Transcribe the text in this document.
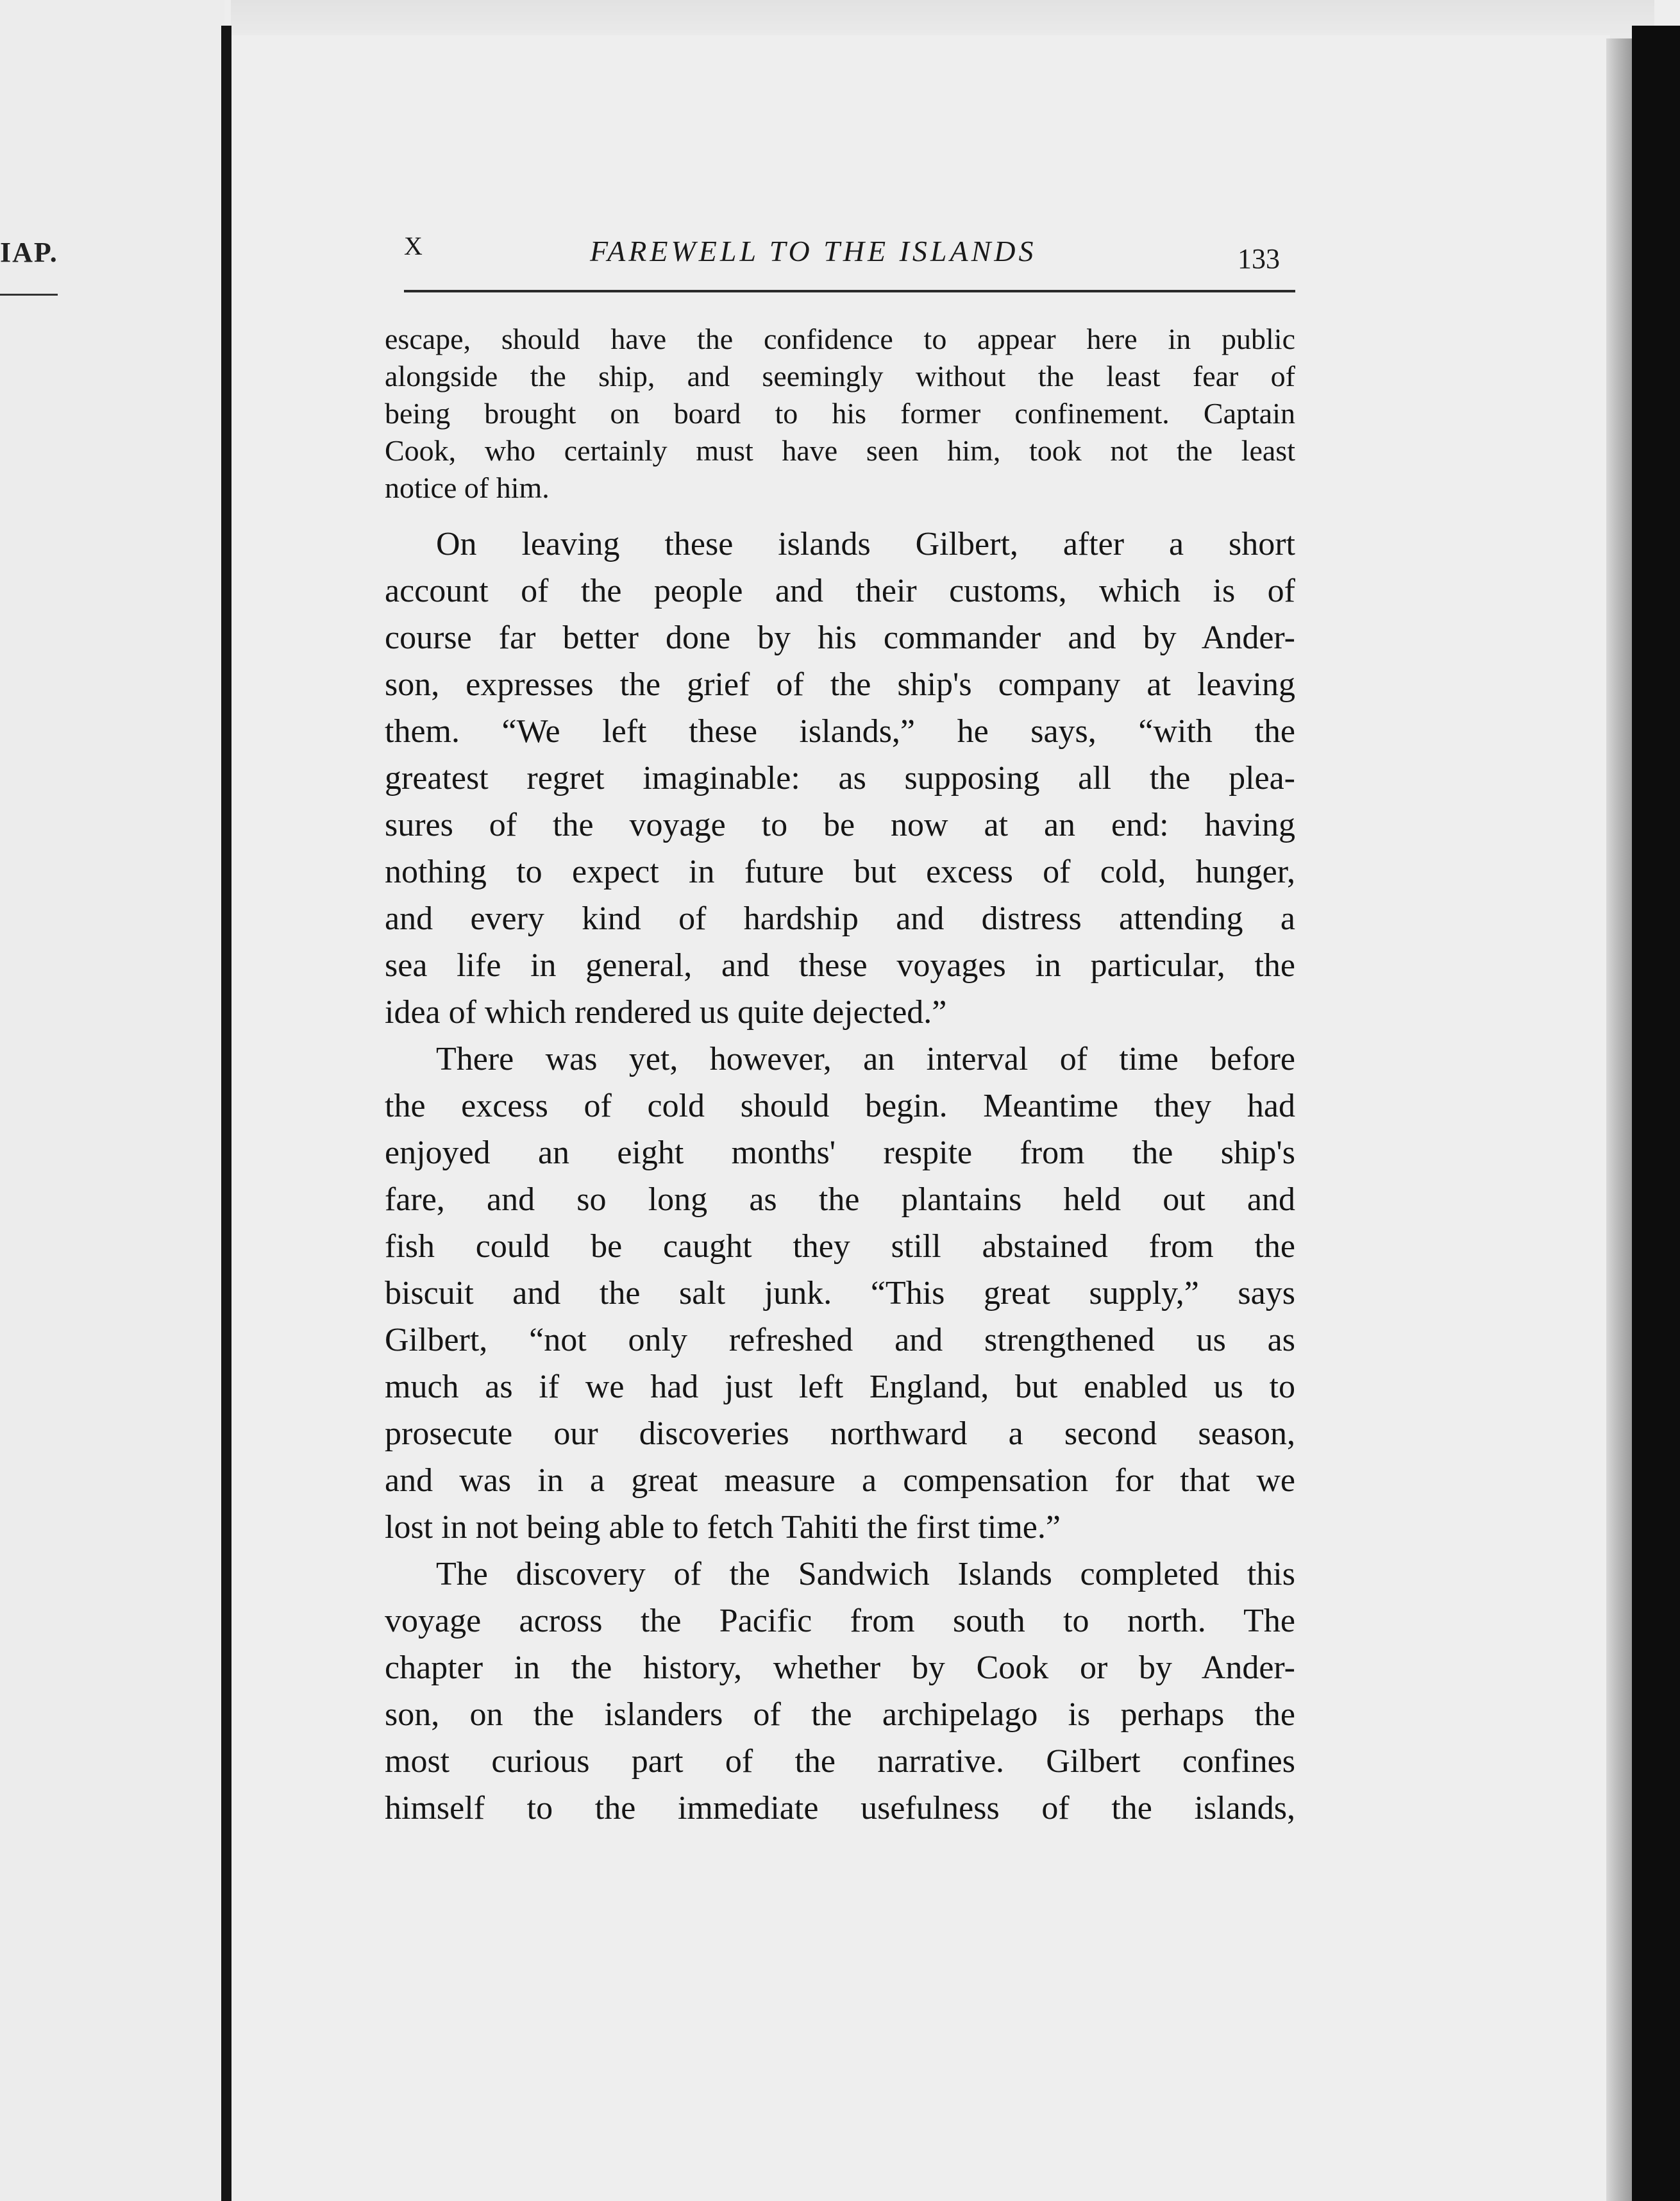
IAP.	X	FAREWELL TO THE ISLANDS	133
escape, should have the confidence to appear here in public
alongside the ship, and seemingly without the least fear of
being brought on board to his former confinement. Captain
Cook, who certainly must have seen him, took not the least
notice of him.
On leaving these islands Gilbert, after a short
account of the people and their customs, which is of
course far better done by his commander and by Ander-
son, expresses the grief of the ship's company at leaving
them. “We left these islands,” he says, “with the
greatest regret imaginable: as supposing all the plea-
sures of the voyage to be now at an end: having
nothing to expect in future but excess of cold, hunger,
and every kind of hardship and distress attending a
sea life in general, and these voyages in particular, the
idea of which rendered us quite dejected.”
There was yet, however, an interval of time before
the excess of cold should begin. Meantime they had
enjoyed an eight months' respite from the ship's
fare, and so long as the plantains held out and
fish could be caught they still abstained from the
biscuit and the salt junk. “This great supply,” says
Gilbert, “not only refreshed and strengthened us as
much as if we had just left England, but enabled us to
prosecute our discoveries northward a second season,
and was in a great measure a compensation for that we
lost in not being able to fetch Tahiti the first time.”
The discovery of the Sandwich Islands completed this
voyage across the Pacific from south to north. The
chapter in the history, whether by Cook or by Ander-
son, on the islanders of the archipelago is perhaps the
most curious part of the narrative. Gilbert confines
himself to the immediate usefulness of the islands,
